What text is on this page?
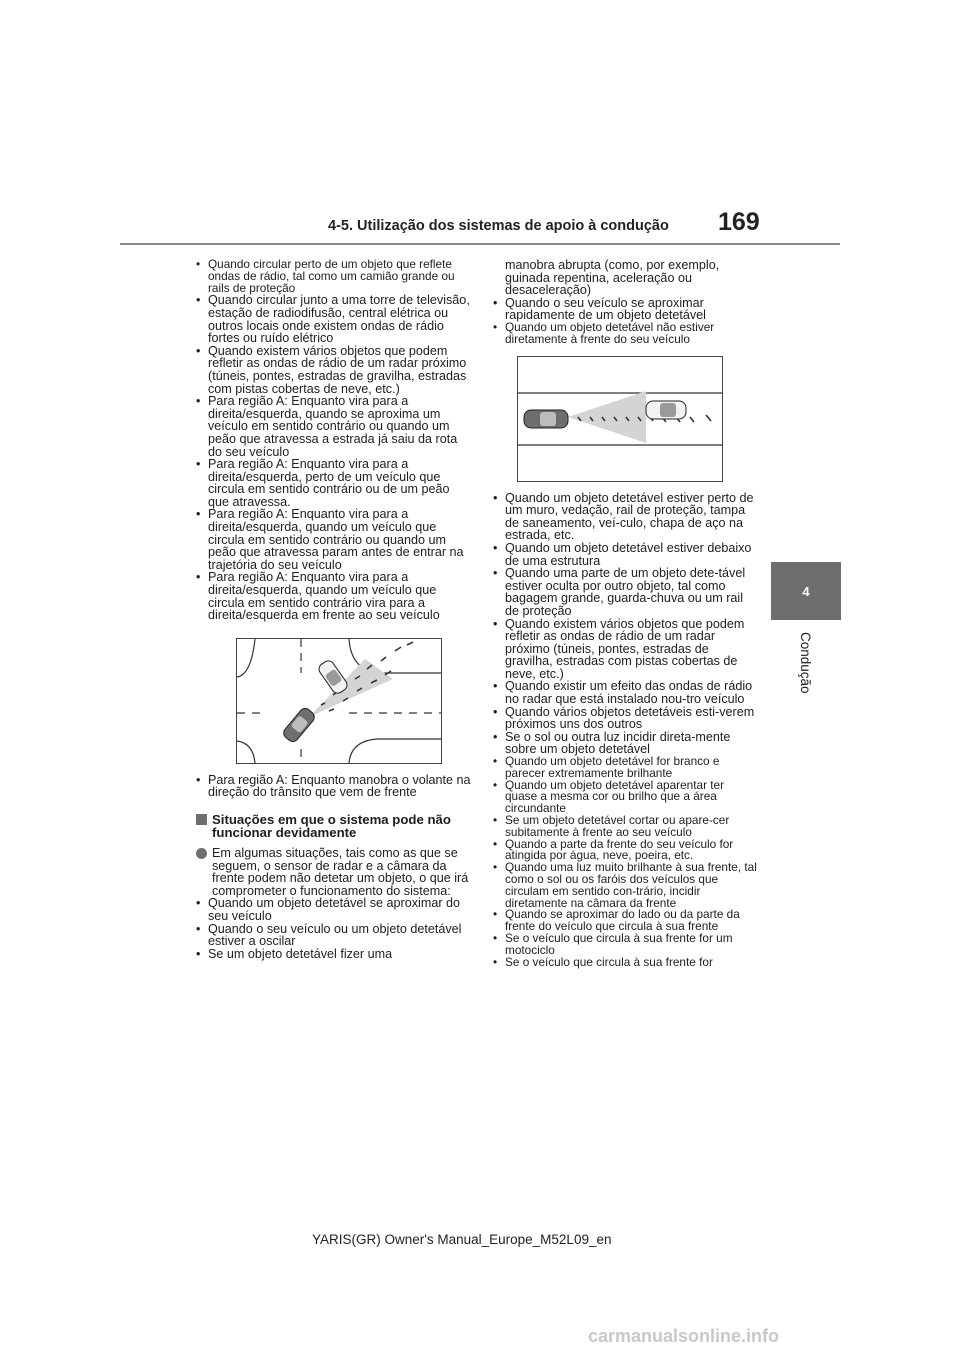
4-5. Utilização dos sistemas de apoio à condução 169
4
Condução
• Quando circular perto de um objeto que reflete ondas de rádio, tal como um camião grande ou rails de proteção
• Quando circular junto a uma torre de televisão, estação de radiodifusão, central elétrica ou outros locais onde existem ondas de rádio fortes ou ruído elétrico
• Quando existem vários objetos que podem refletir as ondas de rádio de um radar próximo (túneis, pontes, estradas de gravilha, estradas com pistas cobertas de neve, etc.)
• Para região A: Enquanto vira para a direita/esquerda, quando se aproxima um veículo em sentido contrário ou quando um peão que atravessa a estrada já saiu da rota do seu veículo
• Para região A: Enquanto vira para a direita/esquerda, perto de um veículo que circula em sentido contrário ou de um peão que atravessa.
• Para região A: Enquanto vira para a direita/esquerda, quando um veículo que circula em sentido contrário ou quando um peão que atravessa param antes de entrar na trajetória do seu veículo
• Para região A: Enquanto vira para a direita/esquerda, quando um veículo que circula em sentido contrário vira para a direita/esquerda em frente ao seu veículo
• Para região A: Enquanto manobra o volante na direção do trânsito que vem de frente
Situações em que o sistema pode não funcionar devidamente
Em algumas situações, tais como as que se seguem, o sensor de radar e a câmara da frente podem não detetar um objeto, o que irá comprometer o funcionamento do sistema:
• Quando um objeto detetável se aproximar do seu veículo
• Quando o seu veículo ou um objeto detetável estiver a oscilar
• Se um objeto detetável fizer uma
manobra abrupta (como, por exemplo, guinada repentina, aceleração ou desaceleração)
• Quando o seu veículo se aproximar rapidamente de um objeto detetável
• Quando um objeto detetável não estiver diretamente à frente do seu veículo
• Quando um objeto detetável estiver perto de um muro, vedação, rail de proteção, tampa de saneamento, veí-culo, chapa de aço na estrada, etc.
• Quando um objeto detetável estiver debaixo de uma estrutura
• Quando uma parte de um objeto dete-tável estiver oculta por outro objeto, tal como bagagem grande, guarda-chuva ou um rail de proteção
• Quando existem vários objetos que podem refletir as ondas de rádio de um radar próximo (túneis, pontes, estradas de gravilha, estradas com pistas cobertas de neve, etc.)
• Quando existir um efeito das ondas de rádio no radar que está instalado nou-tro veículo
• Quando vários objetos detetáveis esti-verem próximos uns dos outros
• Se o sol ou outra luz incidir direta-mente sobre um objeto detetável
• Quando um objeto detetável for branco e parecer extremamente brilhante
• Quando um objeto detetável aparentar ter quase a mesma cor ou brilho que a área circundante
• Se um objeto detetável cortar ou apare-cer subitamente à frente ao seu veículo
• Quando a parte da frente do seu veículo for atingida por água, neve, poeira, etc.
• Quando uma luz muito brilhante à sua frente, tal como o sol ou os faróis dos veículos que circulam em sentido con-trário, incidir diretamente na câmara da frente
• Quando se aproximar do lado ou da parte da frente do veículo que circula à sua frente
• Se o veículo que circula à sua frente for um motociclo
• Se o veículo que circula à sua frente for
YARIS(GR) Owner's Manual_Europe_M52L09_en
carmanualsonline.info
